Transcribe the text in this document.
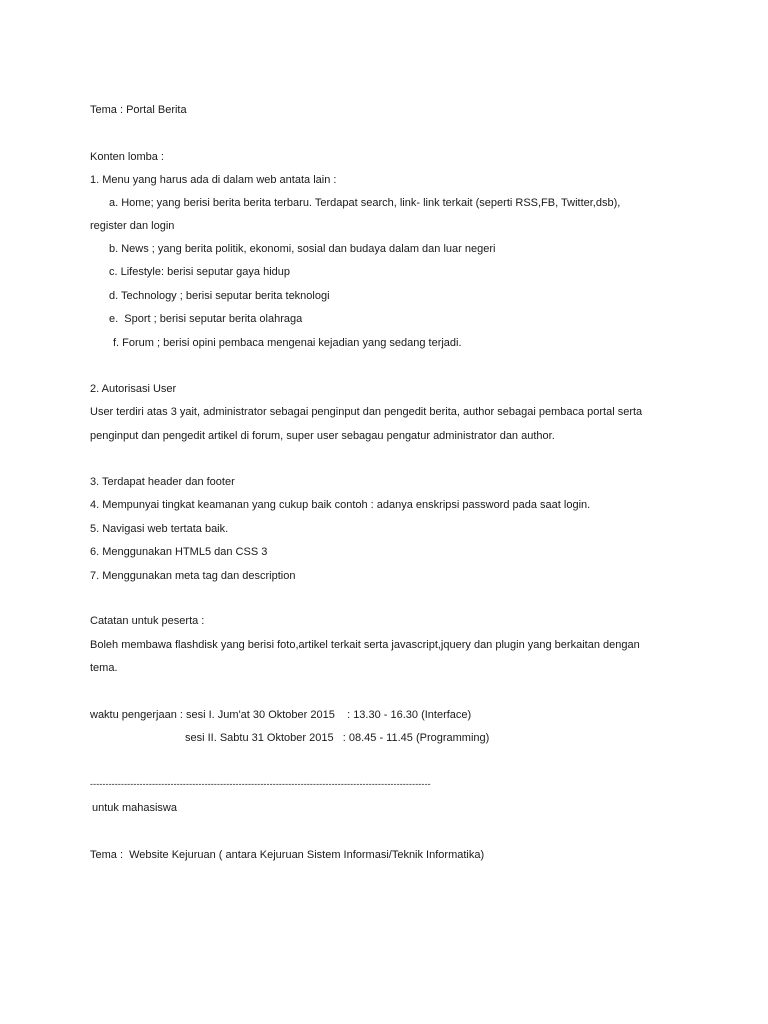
Tema : Portal Berita
Konten lomba :
1. Menu yang harus ada di dalam web antata lain :
a. Home; yang berisi berita berita terbaru. Terdapat search, link- link terkait (seperti RSS,FB, Twitter,dsb),
register dan login
b. News ; yang berita politik, ekonomi, sosial dan budaya dalam dan luar negeri
c. Lifestyle: berisi seputar gaya hidup
d. Technology ; berisi seputar berita teknologi
e.  Sport ; berisi seputar berita olahraga
f. Forum ; berisi opini pembaca mengenai kejadian yang sedang terjadi.
2. Autorisasi User
User terdiri atas 3 yait, administrator sebagai penginput dan pengedit berita, author sebagai pembaca portal serta
penginput dan pengedit artikel di forum, super user sebagau pengatur administrator dan author.
3. Terdapat header dan footer
4. Mempunyai tingkat keamanan yang cukup baik contoh : adanya enskripsi password pada saat login.
5. Navigasi web tertata baik.
6. Menggunakan HTML5 dan CSS 3
7. Menggunakan meta tag dan description
Catatan untuk peserta :
Boleh membawa flashdisk yang berisi foto,artikel terkait serta javascript,jquery dan plugin yang berkaitan dengan
tema.
waktu pengerjaan : sesi I. Jum'at 30 Oktober 2015    : 13.30 - 16.30 (Interface)
sesi II. Sabtu 31 Oktober 2015   : 08.45 - 11.45 (Programming)
--------------------------------------------------------------------------------------------------------------
untuk mahasiswa
Tema :  Website Kejuruan ( antara Kejuruan Sistem Informasi/Teknik Informatika)
